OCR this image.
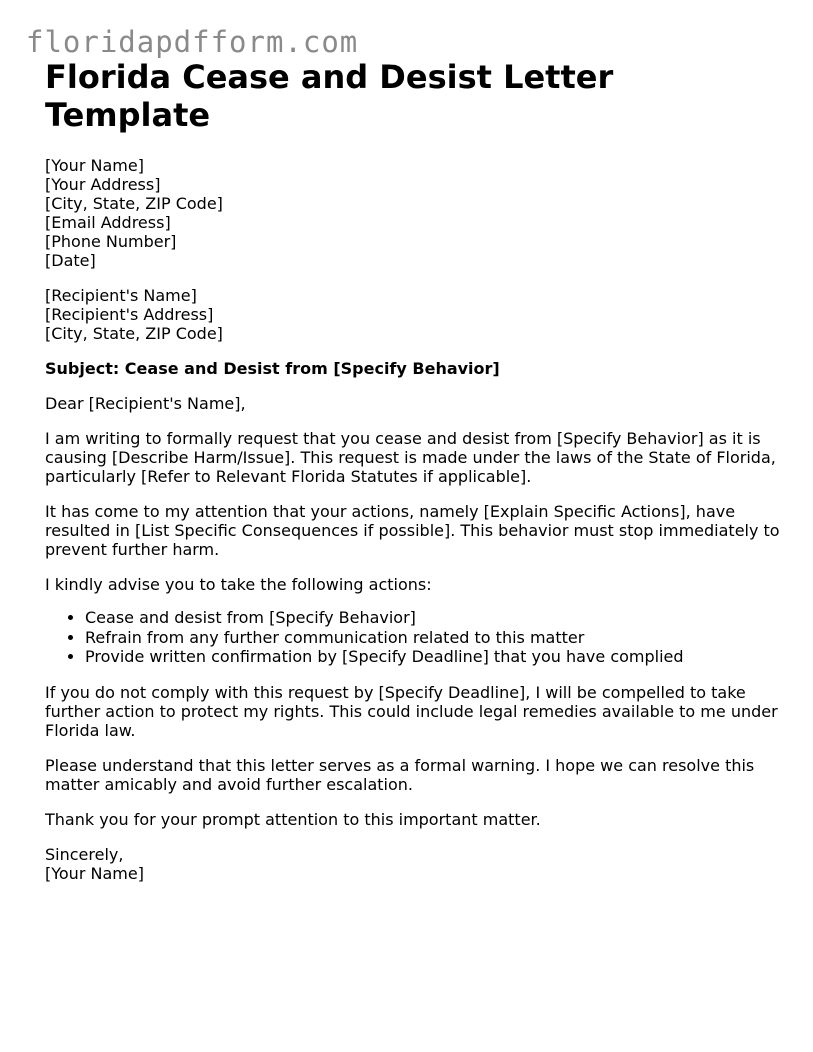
floridapdfform.com
Florida Cease and Desist Letter Template
[Your Name]
[Your Address]
[City, State, ZIP Code]
[Email Address]
[Phone Number]
[Date]
[Recipient's Name]
[Recipient's Address]
[City, State, ZIP Code]

Subject: Cease and Desist from [Specify Behavior]

Dear [Recipient's Name],

I am writing to formally request that you cease and desist from [Specify Behavior] as it is causing [Describe Harm/Issue]. This request is made under the laws of the State of Florida, particularly [Refer to Relevant Florida Statutes if applicable].

It has come to my attention that your actions, namely [Explain Specific Actions], have resulted in [List Specific Consequences if possible]. This behavior must stop immediately to prevent further harm.

I kindly advise you to take the following actions:

• Cease and desist from [Specify Behavior]
• Refrain from any further communication related to this matter
• Provide written confirmation by [Specify Deadline] that you have complied

If you do not comply with this request by [Specify Deadline], I will be compelled to take further action to protect my rights. This could include legal remedies available to me under Florida law.

Please understand that this letter serves as a formal warning. I hope we can resolve this matter amicably and avoid further escalation.

Thank you for your prompt attention to this important matter.

Sincerely,
[Your Name]
